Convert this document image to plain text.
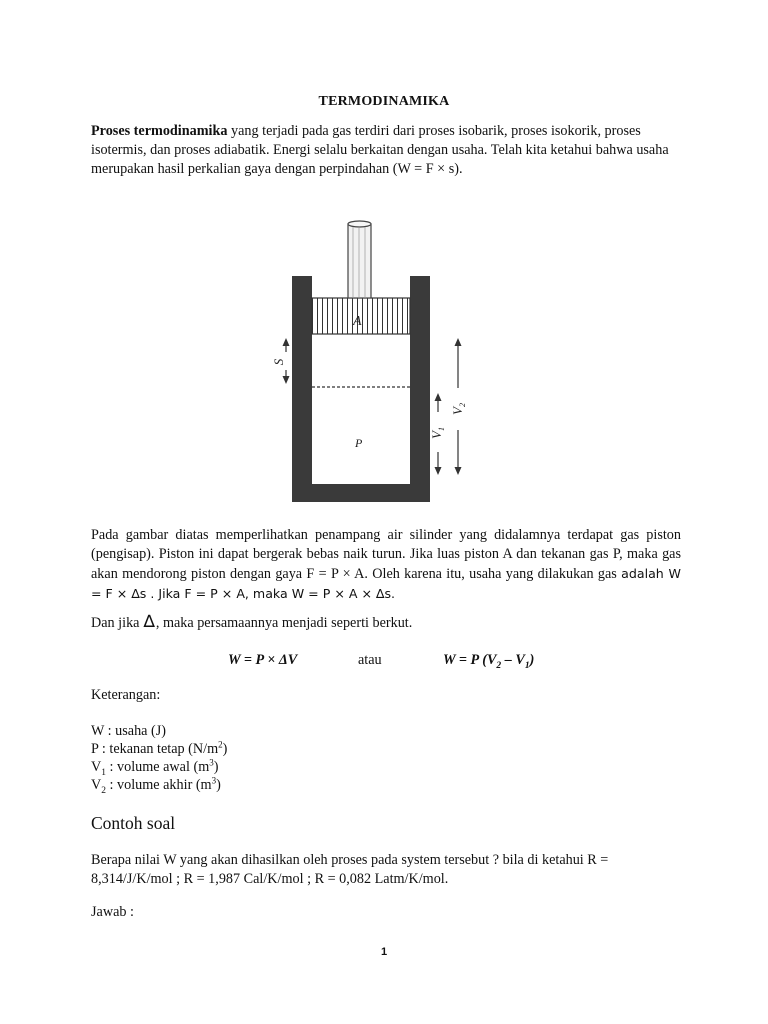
TERMODINAMIKA
Proses termodinamika yang terjadi pada gas terdiri dari proses isobarik, proses isokorik, proses isotermis, dan proses adiabatik. Energi selalu berkaitan dengan usaha. Telah kita ketahui bahwa usaha merupakan hasil perkalian gaya dengan perpindahan (W = F × s).
A
P
S
$V_1$
$V_2$
Pada gambar diatas memperlihatkan penampang air silinder yang didalamnya terdapat gas piston (pengisap). Piston ini dapat bergerak bebas naik turun. Jika luas piston A dan tekanan gas P, maka gas akan mendorong piston dengan gaya F = P × A. Oleh karena itu, usaha yang dilakukan gas adalah W = F × ∆s . Jika F = P × A, maka W = P × A × ∆s.
Dan jika ∆, maka persamaannya menjadi seperti berkut.
W = P × ΔV	atau	W = P $(V_2 - V_1)$
Keterangan:
W : usaha (J)
P : tekanan tetap $(N/m^2)$
$V_1$ : volume awal $(m^3)$
$V_2$ : volume akhir $(m^3)$
Contoh soal
Berapa nilai W yang akan dihasilkan oleh proses pada system tersebut ? bila di ketahui R = 8,314/J/K/mol ; R = 1,987 Cal/K/mol ; R = 0,082 Latm/K/mol.
Jawab :
1
